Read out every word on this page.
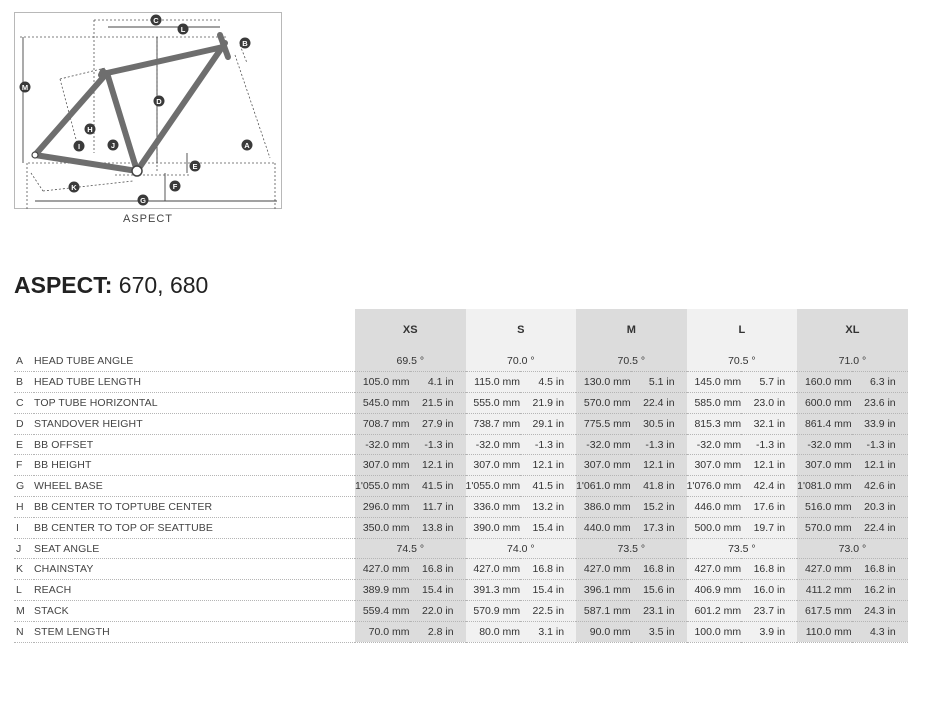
A
B
C
D
E
F
G
H
I	J
K
L
M
ASPECT
ASPECT: 670, 680
		XS		S		M		L		XL	
A	HEAD TUBE ANGLE	69.5 °		70.0 °		70.5 °		70.5 °		71.0 °	
B	HEAD TUBE LENGTH	105.0 mm	4.1 in	115.0 mm	4.5 in	130.0 mm	5.1 in	145.0 mm	5.7 in	160.0 mm	6.3 in
C	TOP TUBE HORIZONTAL	545.0 mm	21.5 in	555.0 mm	21.9 in	570.0 mm	22.4 in	585.0 mm	23.0 in	600.0 mm	23.6 in
D	STANDOVER HEIGHT	708.7 mm	27.9 in	738.7 mm	29.1 in	775.5 mm	30.5 in	815.3 mm	32.1 in	861.4 mm	33.9 in
E	BB OFFSET	-32.0 mm	-1.3 in	-32.0 mm	-1.3 in	-32.0 mm	-1.3 in	-32.0 mm	-1.3 in	-32.0 mm	-1.3 in
F	BB HEIGHT	307.0 mm	12.1 in	307.0 mm	12.1 in	307.0 mm	12.1 in	307.0 mm	12.1 in	307.0 mm	12.1 in
G	WHEEL BASE	1'055.0 mm	41.5 in	1'055.0 mm	41.5 in	1'061.0 mm	41.8 in	1'076.0 mm	42.4 in	1'081.0 mm	42.6 in
H	BB CENTER TO TOPTUBE CENTER	296.0 mm	11.7 in	336.0 mm	13.2 in	386.0 mm	15.2 in	446.0 mm	17.6 in	516.0 mm	20.3 in
I	BB CENTER TO TOP OF SEATTUBE	350.0 mm	13.8 in	390.0 mm	15.4 in	440.0 mm	17.3 in	500.0 mm	19.7 in	570.0 mm	22.4 in
J	SEAT ANGLE	74.5 °		74.0 °		73.5 °		73.5 °		73.0 °	
K	CHAINSTAY	427.0 mm	16.8 in	427.0 mm	16.8 in	427.0 mm	16.8 in	427.0 mm	16.8 in	427.0 mm	16.8 in
L	REACH	389.9 mm	15.4 in	391.3 mm	15.4 in	396.1 mm	15.6 in	406.9 mm	16.0 in	411.2 mm	16.2 in
M	STACK	559.4 mm	22.0 in	570.9 mm	22.5 in	587.1 mm	23.1 in	601.2 mm	23.7 in	617.5 mm	24.3 in
N	STEM LENGTH	70.0 mm	2.8 in	80.0 mm	3.1 in	90.0 mm	3.5 in	100.0 mm	3.9 in	110.0 mm	4.3 in
